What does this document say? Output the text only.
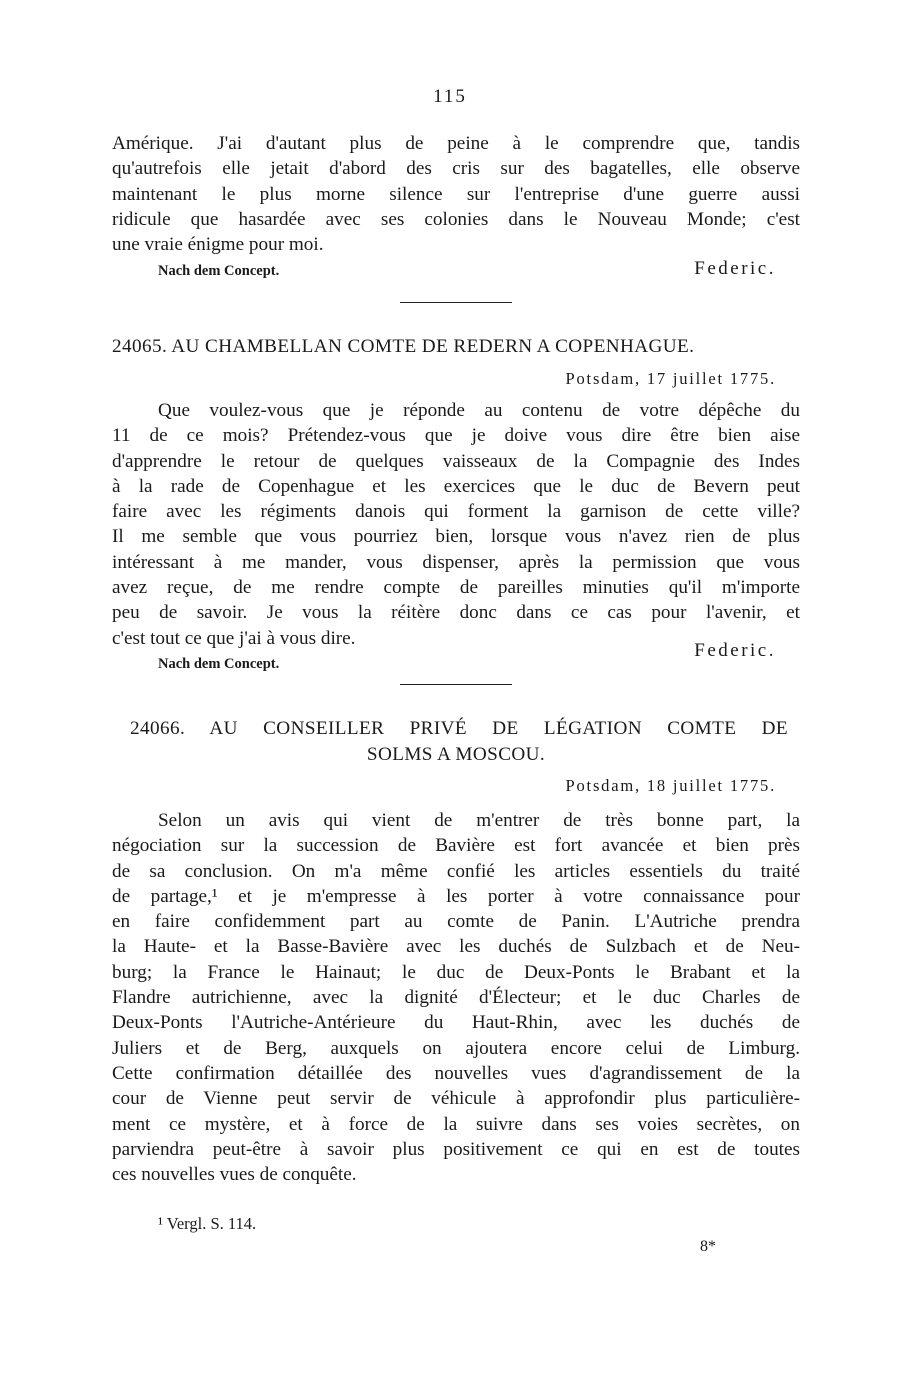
115
Amérique. J'ai d'autant plus de peine à le comprendre que, tandis
qu'autrefois elle jetait d'abord des cris sur des bagatelles, elle observe
maintenant le plus morne silence sur l'entreprise d'une guerre aussi
ridicule que hasardée avec ses colonies dans le Nouveau Monde; c'est
une vraie énigme pour moi.
Nach dem Concept.	Federic.
24065. AU CHAMBELLAN COMTE DE REDERN A COPENHAGUE.
Potsdam, 17 juillet 1775.
Que voulez-vous que je réponde au contenu de votre dépêche du
11 de ce mois? Prétendez-vous que je doive vous dire être bien aise
d'apprendre le retour de quelques vaisseaux de la Compagnie des Indes
à la rade de Copenhague et les exercices que le duc de Bevern peut
faire avec les régiments danois qui forment la garnison de cette ville?
Il me semble que vous pourriez bien, lorsque vous n'avez rien de plus
intéressant à me mander, vous dispenser, après la permission que vous
avez reçue, de me rendre compte de pareilles minuties qu'il m'importe
peu de savoir. Je vous la réitère donc dans ce cas pour l'avenir, et
c'est tout ce que j'ai à vous dire.
Federic.
Nach dem Concept.
24066. AU CONSEILLER PRIVÉ DE LÉGATION COMTE DE
SOLMS A MOSCOU.
Potsdam, 18 juillet 1775.
Selon un avis qui vient de m'entrer de très bonne part, la
négociation sur la succession de Bavière est fort avancée et bien près
de sa conclusion. On m'a même confié les articles essentiels du traité
de partage,¹ et je m'empresse à les porter à votre connaissance pour
en faire confidemment part au comte de Panin. L'Autriche prendra
la Haute- et la Basse-Bavière avec les duchés de Sulzbach et de Neu-
burg; la France le Hainaut; le duc de Deux-Ponts le Brabant et la
Flandre autrichienne, avec la dignité d'Électeur; et le duc Charles de
Deux-Ponts l'Autriche-Antérieure du Haut-Rhin, avec les duchés de
Juliers et de Berg, auxquels on ajoutera encore celui de Limburg.
Cette confirmation détaillée des nouvelles vues d'agrandissement de la
cour de Vienne peut servir de véhicule à approfondir plus particulière-
ment ce mystère, et à force de la suivre dans ses voies secrètes, on
parviendra peut-être à savoir plus positivement ce qui en est de toutes
ces nouvelles vues de conquête.
¹ Vergl. S. 114.
8*
